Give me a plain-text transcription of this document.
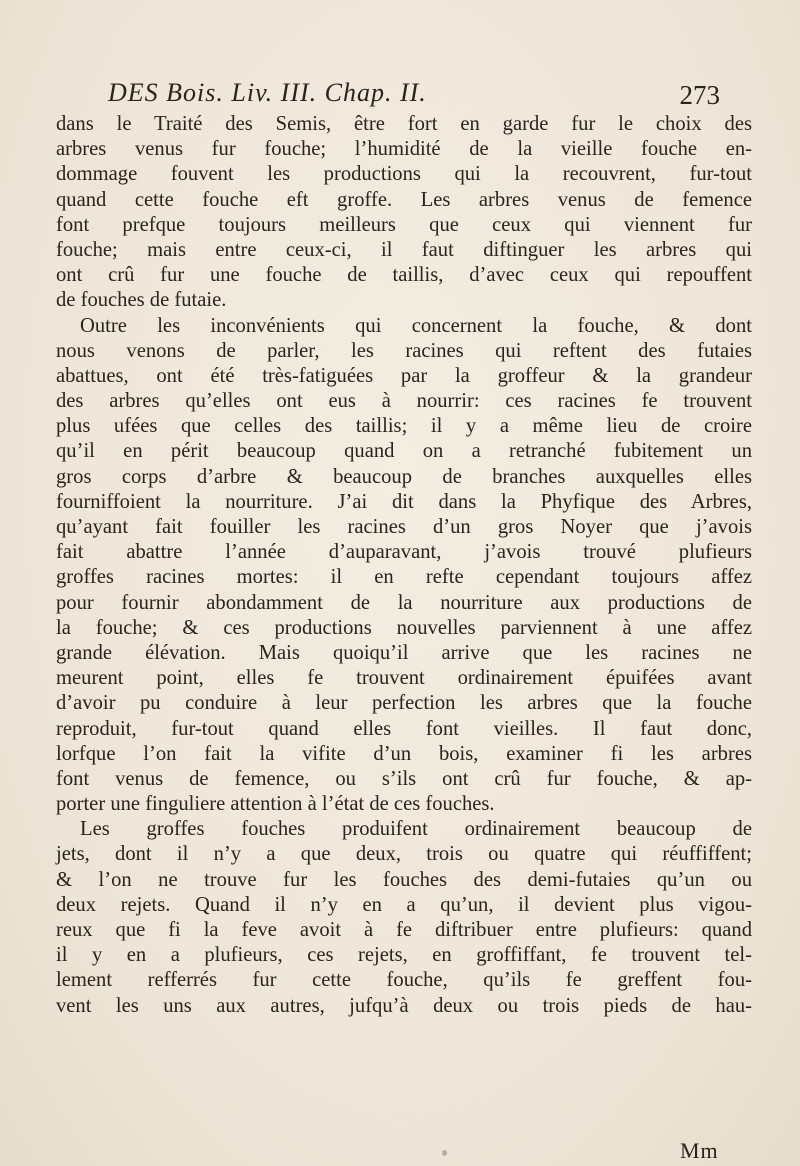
DES Bois. Liv. III. Chap. II.	273
dans le Traité des Semis, être fort en garde fur le choix des
arbres venus fur fouche; l’humidité de la vieille fouche en-
dommage fouvent les productions qui la recouvrent, fur-tout
quand cette fouche eft groffe. Les arbres venus de femence
font prefque toujours meilleurs que ceux qui viennent fur
fouche; mais entre ceux-ci, il faut diftinguer les arbres qui
ont crû fur une fouche de taillis, d’avec ceux qui repouffent
de fouches de futaie.
Outre les inconvénients qui concernent la fouche, & dont
nous venons de parler, les racines qui reftent des futaies
abattues, ont été très-fatiguées par la groffeur & la grandeur
des arbres qu’elles ont eus à nourrir: ces racines fe trouvent
plus ufées que celles des taillis; il y a même lieu de croire
qu’il en périt beaucoup quand on a retranché fubitement un
gros corps d’arbre & beaucoup de branches auxquelles elles
fourniffoient la nourriture. J’ai dit dans la Phyfique des Arbres,
qu’ayant fait fouiller les racines d’un gros Noyer que j’avois
fait abattre l’année d’auparavant, j’avois trouvé plufieurs
groffes racines mortes: il en refte cependant toujours affez
pour fournir abondamment de la nourriture aux productions de
la fouche; & ces productions nouvelles parviennent à une affez
grande élévation. Mais quoiqu’il arrive que les racines ne
meurent point, elles fe trouvent ordinairement épuifées avant
d’avoir pu conduire à leur perfection les arbres que la fouche
reproduit, fur-tout quand elles font vieilles. Il faut donc,
lorfque l’on fait la vifite d’un bois, examiner fi les arbres
font venus de femence, ou s’ils ont crû fur fouche, & ap-
porter une finguliere attention à l’état de ces fouches.
Les groffes fouches produifent ordinairement beaucoup de
jets, dont il n’y a que deux, trois ou quatre qui réuffiffent;
& l’on ne trouve fur les fouches des demi-futaies qu’un ou
deux rejets. Quand il n’y en a qu’un, il devient plus vigou-
reux que fi la feve avoit à fe diftribuer entre plufieurs: quand
il y en a plufieurs, ces rejets, en groffiffant, fe trouvent tel-
lement refferrés fur cette fouche, qu’ils fe greffent fou-
vent les uns aux autres, jufqu’à deux ou trois pieds de hau-
Mm
